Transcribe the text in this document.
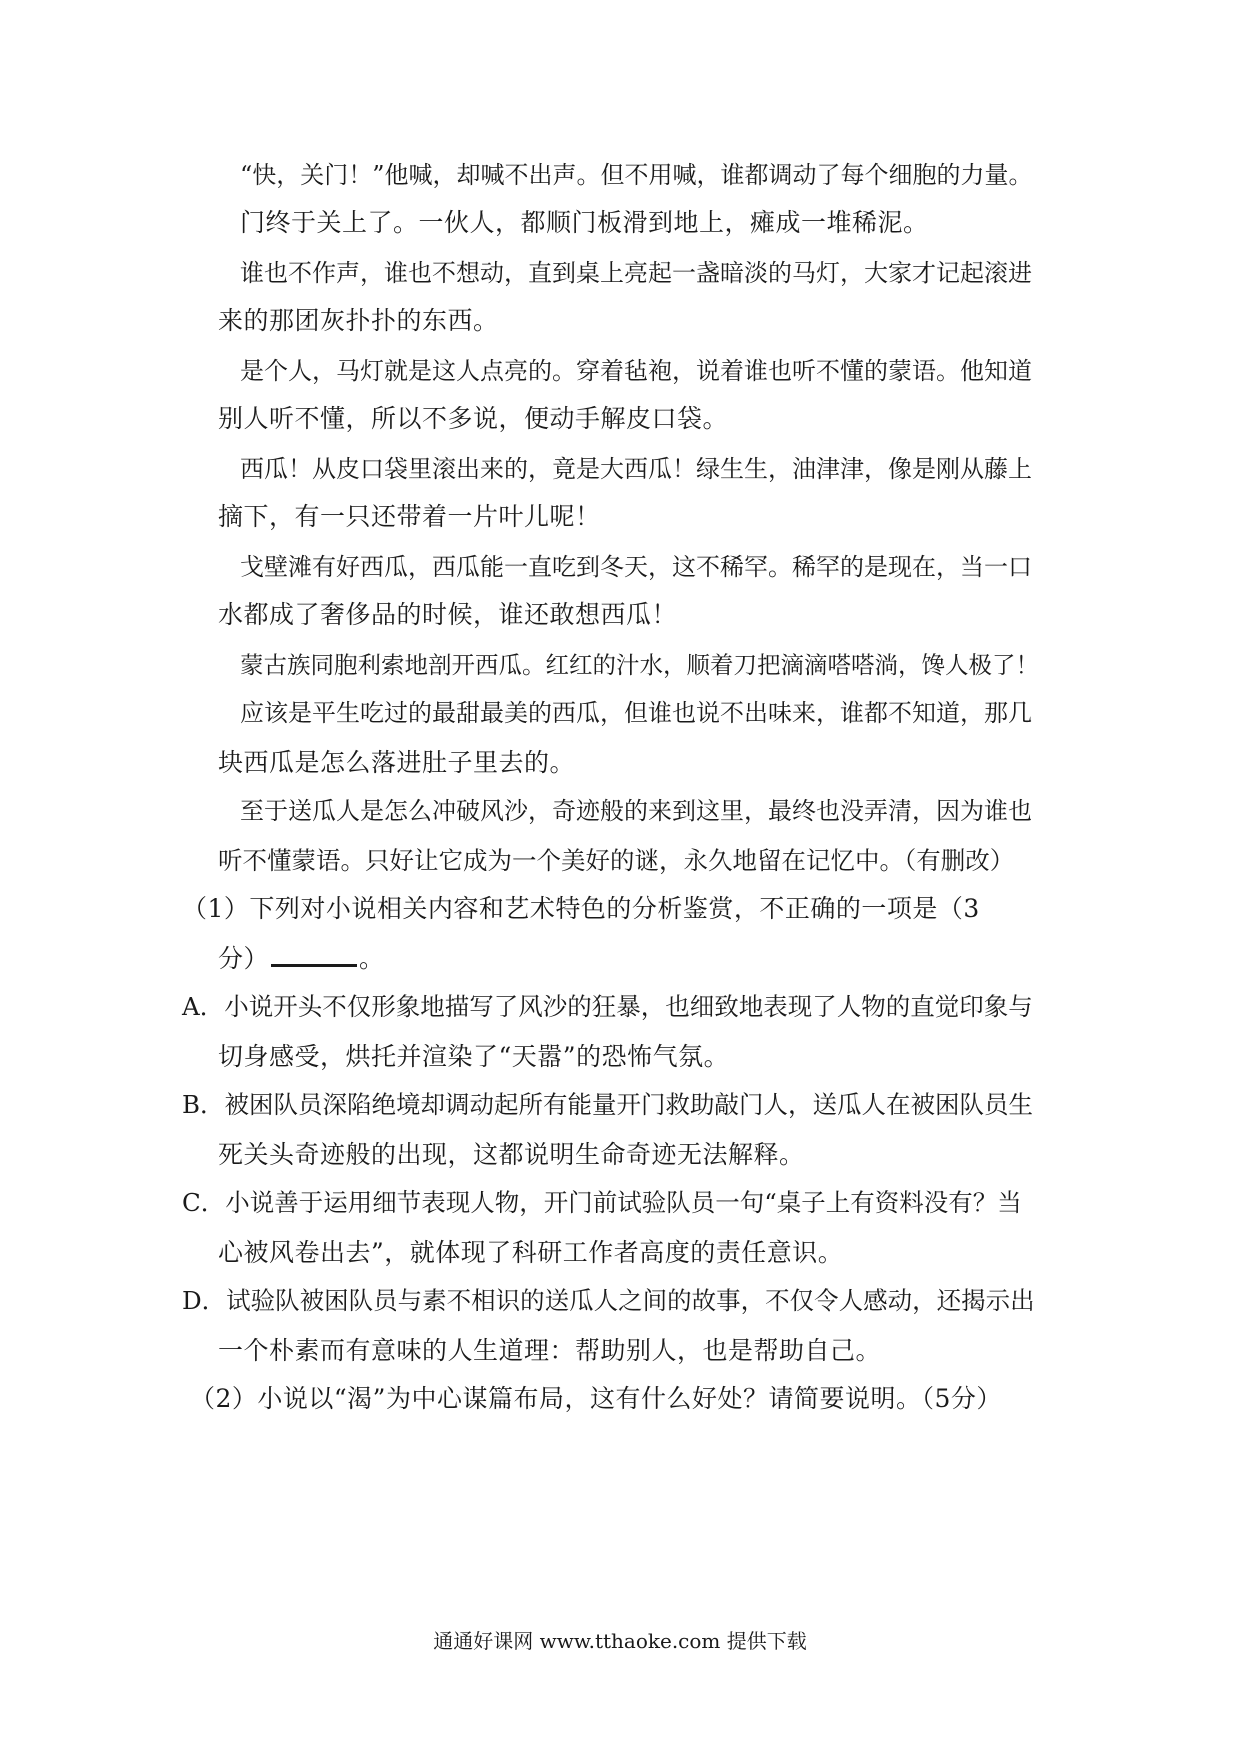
“快，关门！”他喊，却喊不出声。但不用喊，谁都调动了每个细胞的力量。
门终于关上了。一伙人，都顺门板滑到地上，瘫成一堆稀泥。
谁也不作声，谁也不想动，直到桌上亮起一盏暗淡的马灯，大家才记起滚进
来的那团灰扑扑的东西。
是个人，马灯就是这人点亮的。穿着毡袍，说着谁也听不懂的蒙语。他知道
别人听不懂，所以不多说，便动手解皮口袋。
西瓜！从皮口袋里滚出来的，竟是大西瓜！绿生生，油津津，像是刚从藤上
摘下，有一只还带着一片叶儿呢！
戈壁滩有好西瓜，西瓜能一直吃到冬天，这不稀罕。稀罕的是现在，当一口
水都成了奢侈品的时候，谁还敢想西瓜！
蒙古族同胞利索地剖开西瓜。红红的汁水，顺着刀把滴滴嗒嗒淌，馋人极了！
应该是平生吃过的最甜最美的西瓜，但谁也说不出味来，谁都不知道，那几
块西瓜是怎么落进肚子里去的。
至于送瓜人是怎么冲破风沙，奇迹般的来到这里，最终也没弄清，因为谁也
听不懂蒙语。只好让它成为一个美好的谜，永久地留在记忆中。（有删改）
（1）下列对小说相关内容和艺术特色的分析鉴赏，不正确的一项是（3
分）	。
A．小说开头不仅形象地描写了风沙的狂暴，也细致地表现了人物的直觉印象与
切身感受，烘托并渲染了“天嚣”的恐怖气氛。
B．被困队员深陷绝境却调动起所有能量开门救助敲门人，送瓜人在被困队员生
死关头奇迹般的出现，这都说明生命奇迹无法解释。
C．小说善于运用细节表现人物，开门前试验队员一句“桌子上有资料没有？当
心被风卷出去”，就体现了科研工作者高度的责任意识。
D．试验队被困队员与素不相识的送瓜人之间的故事，不仅令人感动，还揭示出
一个朴素而有意味的人生道理：帮助别人，也是帮助自己。
（2）小说以“渴”为中心谋篇布局，这有什么好处？请简要说明。（5分）
通通好课网 www.tthaoke.com 提供下载
